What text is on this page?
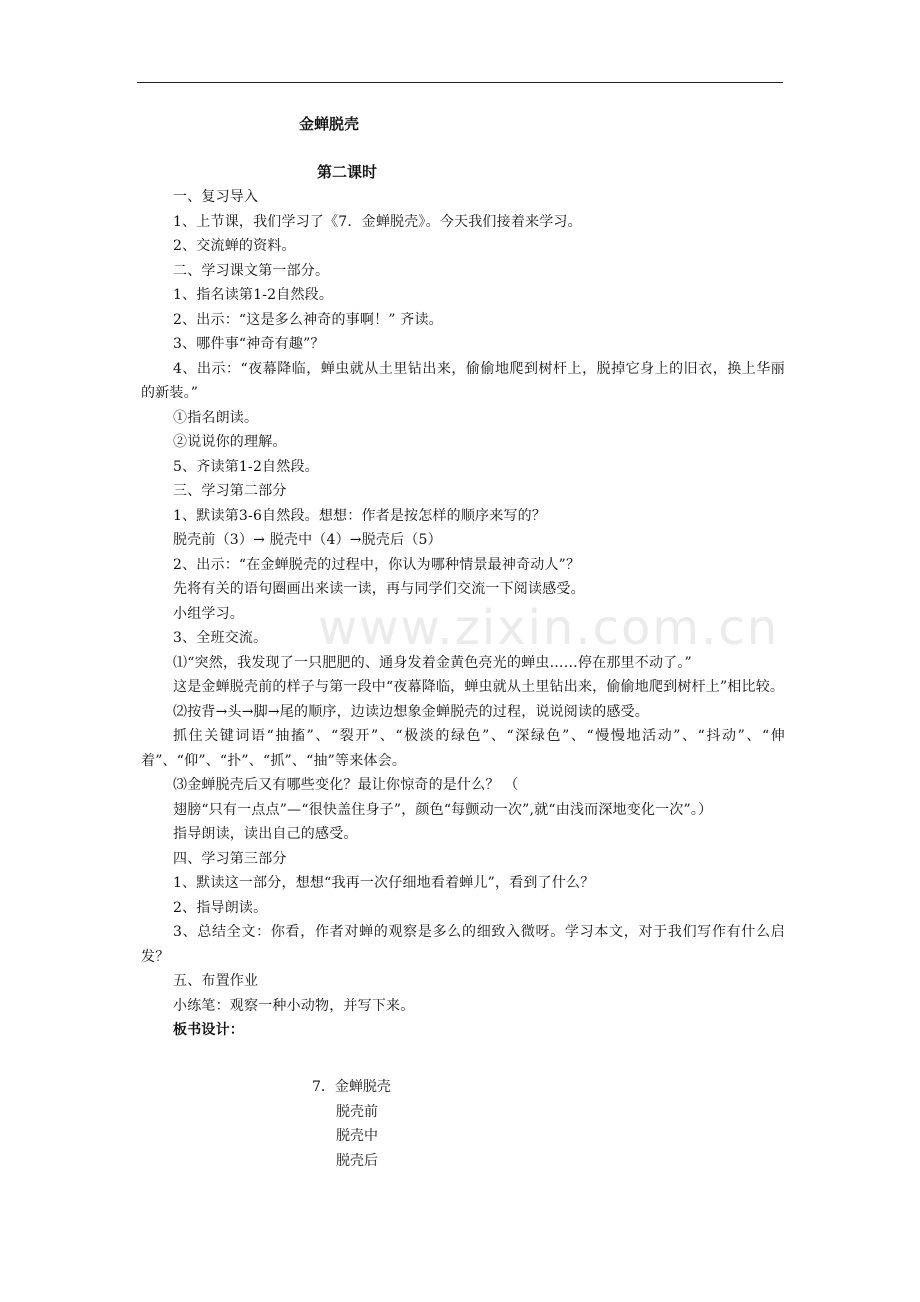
www.zixin.com.cn
金蝉脱壳
第二课时

一、复习导入

1、上节课，我们学习了《7．金蝉脱壳》。今天我们接着来学习。

2、交流蝉的资料。

二、学习课文第一部分。

1、指名读第1-2自然段。

2、出示：“这是多么神奇的事啊！” 齐读。

3、哪件事“神奇有趣”？

4、出示：“夜幕降临，蝉虫就从土里钻出来，偷偷地爬到树杆上，脱掉它身上的旧衣，换上华丽的新装。”

①指名朗读。

②说说你的理解。

5、齐读第1-2自然段。

三、学习第二部分

1、默读第3-6自然段。想想：作者是按怎样的顺序来写的？

脱壳前（3）→ 脱壳中（4）→脱壳后（5）

2、出示：“在金蝉脱壳的过程中，你认为哪种情景最神奇动人”？

先将有关的语句圈画出来读一读，再与同学们交流一下阅读感受。

小组学习。

3、全班交流。

⑴“突然，我发现了一只肥肥的、通身发着金黄色亮光的蝉虫……停在那里不动了。”

这是金蝉脱壳前的样子与第一段中“夜幕降临，蝉虫就从土里钻出来，偷偷地爬到树杆上”相比较。

⑵按背→头→脚→尾的顺序，边读边想象金蝉脱壳的过程，说说阅读的感受。

抓住关键词语“抽搐”、“裂开”、“极淡的绿色”、“深绿色”、“慢慢地活动”、“抖动”、“伸着”、“仰”、“扑”、“抓”、“抽”等来体会。

⑶金蝉脱壳后又有哪些变化？最让你惊奇的是什么？ （

翅膀“只有一点点”—“很快盖住身子”，颜色“每颤动一次”,就“由浅而深地变化一次”。）

指导朗读，读出自己的感受。

四、学习第三部分

1、默读这一部分，想想“我再一次仔细地看着蝉儿”，看到了什么？

2、指导朗读。

3、总结全文：你看，作者对蝉的观察是多么的细致入微呀。学习本文，对于我们写作有什么启发？

五、布置作业

小练笔：观察一种小动物，并写下来。

板书设计：

7．金蝉脱壳
脱壳前
脱壳中
脱壳后
